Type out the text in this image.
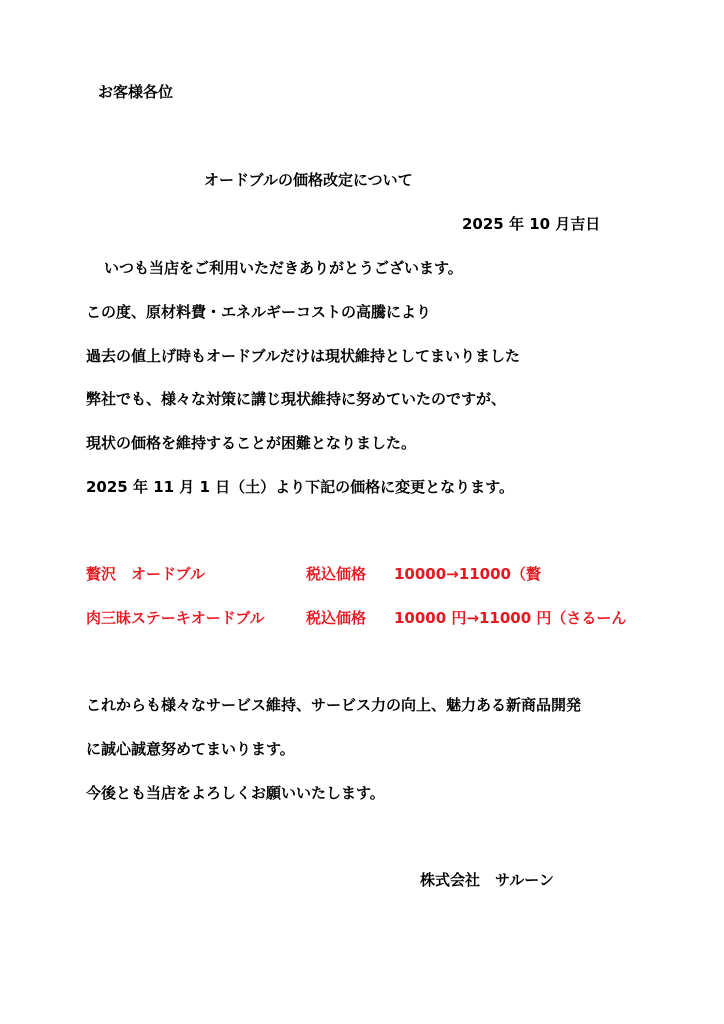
お客様各位
オードブルの価格改定について
2025 年 10 月吉日
いつも当店をご利用いただきありがとうございます。
この度、原材料費・エネルギーコストの高騰により
過去の値上げ時もオードブルだけは現状維持としてまいりました
弊社でも、様々な対策に講じ現状維持に努めていたのですが、
現状の価格を維持することが困難となりました。
2025 年 11 月 1 日（土）より下記の価格に変更となります。
贅沢　オードブル	税込価格 10000→11000（贅
肉三昧ステーキオードブル	税込価格 10000 円→11000 円（さるーん
これからも様々なサービス維持、サービス力の向上、魅力ある新商品開発
に誠心誠意努めてまいります。
今後とも当店をよろしくお願いいたします。
株式会社　サルーン
